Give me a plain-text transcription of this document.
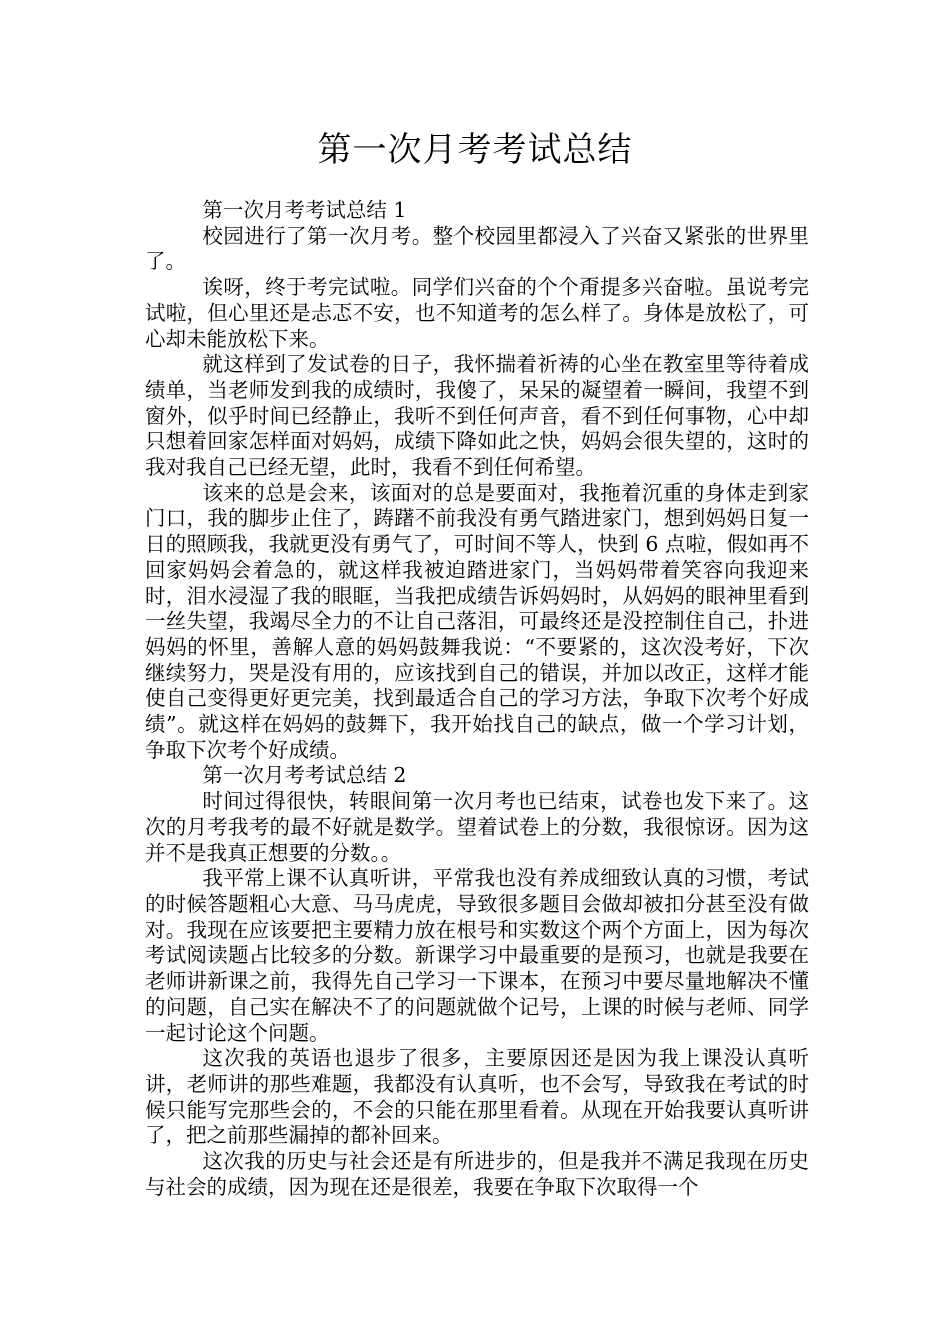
第一次月考考试总结

第一次月考考试总结 1

校园进行了第一次月考。整个校园里都浸入了兴奋又紧张的世界里了。

诶呀，终于考完试啦。同学们兴奋的个个甭提多兴奋啦。虽说考完试啦，但心里还是忐忑不安，也不知道考的怎么样了。身体是放松了，可心却未能放松下来。

就这样到了发试卷的日子，我怀揣着祈祷的心坐在教室里等待着成绩单，当老师发到我的成绩时，我傻了，呆呆的凝望着一瞬间，我望不到窗外，似乎时间已经静止，我听不到任何声音，看不到任何事物，心中却只想着回家怎样面对妈妈，成绩下降如此之快，妈妈会很失望的，这时的我对我自己已经无望，此时，我看不到任何希望。

该来的总是会来，该面对的总是要面对，我拖着沉重的身体走到家门口，我的脚步止住了，踌躇不前我没有勇气踏进家门，想到妈妈日复一日的照顾我，我就更没有勇气了，可时间不等人，快到 6 点啦，假如再不回家妈妈会着急的，就这样我被迫踏进家门，当妈妈带着笑容向我迎来时，泪水浸湿了我的眼眶，当我把成绩告诉妈妈时，从妈妈的眼神里看到一丝失望，我竭尽全力的不让自己落泪，可最终还是没控制住自己，扑进妈妈的怀里，善解人意的妈妈鼓舞我说：“不要紧的，这次没考好，下次继续努力，哭是没有用的，应该找到自己的错误，并加以改正，这样才能使自己变得更好更完美，找到最适合自己的学习方法，争取下次考个好成绩”。就这样在妈妈的鼓舞下，我开始找自己的缺点，做一个学习计划，争取下次考个好成绩。

第一次月考考试总结 2

时间过得很快，转眼间第一次月考也已结束，试卷也发下来了。这次的月考我考的最不好就是数学。望着试卷上的分数，我很惊讶。因为这并不是我真正想要的分数。。

我平常上课不认真听讲，平常我也没有养成细致认真的习惯，考试的时候答题粗心大意、马马虎虎，导致很多题目会做却被扣分甚至没有做对。我现在应该要把主要精力放在根号和实数这个两个方面上，因为每次考试阅读题占比较多的分数。新课学习中最重要的是预习，也就是我要在老师讲新课之前，我得先自己学习一下课本，在预习中要尽量地解决不懂的问题，自己实在解决不了的问题就做个记号，上课的时候与老师、同学一起讨论这个问题。

这次我的英语也退步了很多，主要原因还是因为我上课没认真听讲，老师讲的那些难题，我都没有认真听，也不会写，导致我在考试的时候只能写完那些会的，不会的只能在那里看着。从现在开始我要认真听讲了，把之前那些漏掉的都补回来。

这次我的历史与社会还是有所进步的，但是我并不满足我现在历史与社会的成绩，因为现在还是很差，我要在争取下次取得一个
